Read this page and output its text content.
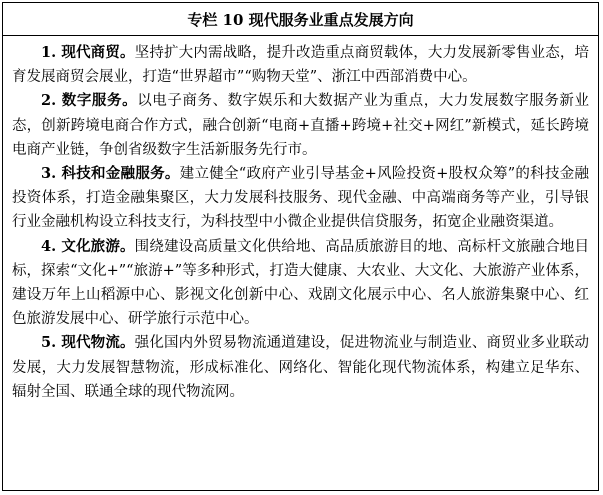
专栏 10 现代服务业重点发展方向

1. 现代商贸。坚持扩大内需战略，提升改造重点商贸载体，大力发展新零售业态，培育发展商贸会展业，打造“世界超市”“购物天堂”、浙江中西部消费中心。

2. 数字服务。以电子商务、数字娱乐和大数据产业为重点，大力发展数字服务新业态，创新跨境电商合作方式，融合创新“电商+直播+跨境+社交+网红”新模式，延长跨境电商产业链，争创省级数字生活新服务先行市。

3. 科技和金融服务。建立健全“政府产业引导基金+风险投资+股权众筹”的科技金融投资体系，打造金融集聚区，大力发展科技服务、现代金融、中高端商务等产业，引导银行业金融机构设立科技支行，为科技型中小微企业提供信贷服务，拓宽企业融资渠道。

4. 文化旅游。围绕建设高质量文化供给地、高品质旅游目的地、高标杆文旅融合地目标，探索“文化+”“旅游+”等多种形式，打造大健康、大农业、大文化、大旅游产业体系，建设万年上山稻源中心、影视文化创新中心、戏剧文化展示中心、名人旅游集聚中心、红色旅游发展中心、研学旅行示范中心。

5. 现代物流。强化国内外贸易物流通道建设，促进物流业与制造业、商贸业多业联动发展，大力发展智慧物流，形成标准化、网络化、智能化现代物流体系，构建立足华东、辐射全国、联通全球的现代物流网。
